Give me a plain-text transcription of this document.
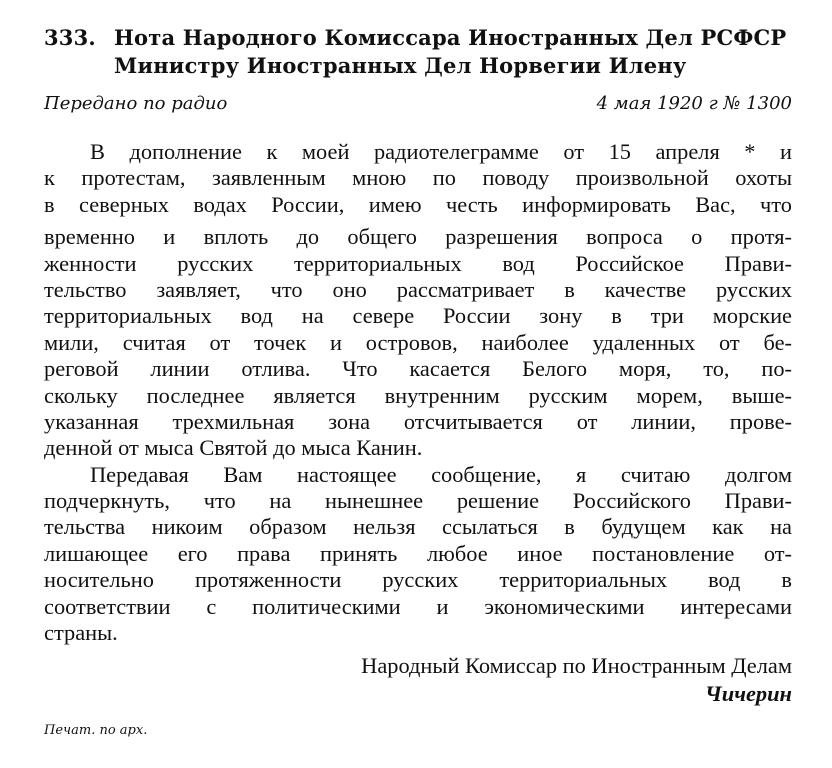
333. Нота Народного Комиссара Иностранных Дел РСФСР
Министру Иностранных Дел Норвегии Илену
Передано по радио	4 мая 1920 г № 1300
В дополнение к моей радиотелеграмме от 15 апреля * и
к протестам, заявленным мною по поводу произвольной охоты
в северных водах России, имею честь информировать Вас, что
временно и вплоть до общего разрешения вопроса о протя-
женности русских территориальных вод Российское Прави-
тельство заявляет, что оно рассматривает в качестве русских
территориальных вод на севере России зону в три морские
мили, считая от точек и островов, наиболее удаленных от бе-
реговой линии отлива. Что касается Белого моря, то, по-
скольку последнее является внутренним русским морем, выше-
указанная трехмильная зона отсчитывается от линии, прове-
денной от мыса Святой до мыса Канин.
Передавая Вам настоящее сообщение, я считаю долгом
подчеркнуть, что на нынешнее решение Российского Прави-
тельства никоим образом нельзя ссылаться в будущем как на
лишающее его права принять любое иное постановление от-
носительно протяженности русских территориальных вод в
соответствии с политическими и экономическими интересами
страны.
Народный Комиссар по Иностранным Делам
Чичерин
Печат. по арх.
